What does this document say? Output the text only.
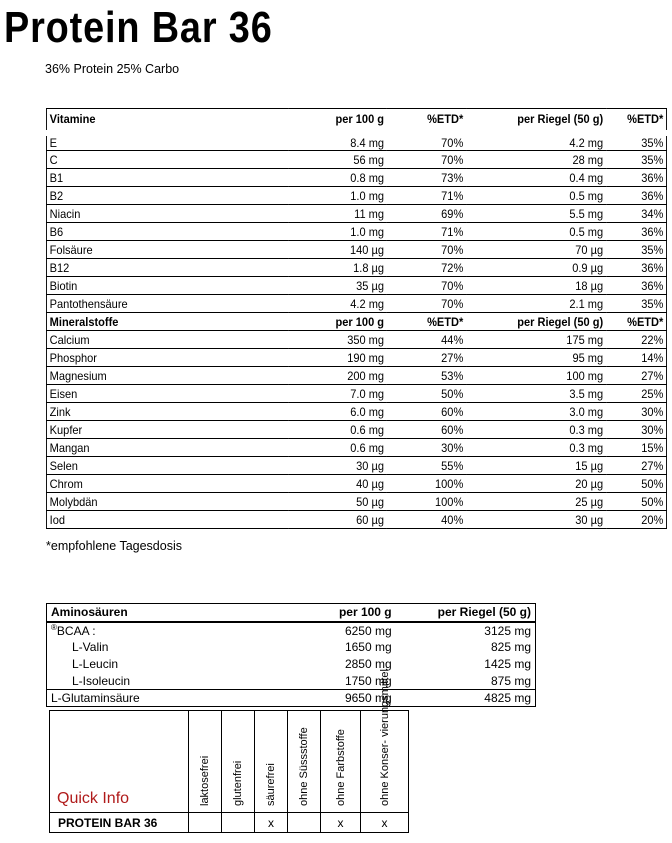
Protein Bar 36
36% Protein 25% Carbo
Vitamine	per 100 g	%ETD*	per Riegel (50 g)	%ETD*
E	8.4 mg	70%	4.2 mg	35%
C	56 mg	70%	28 mg	35%
B1	0.8 mg	73%	0.4 mg	36%
B2	1.0 mg	71%	0.5 mg	36%
Niacin	11 mg	69%	5.5 mg	34%
B6	1.0 mg	71%	0.5 mg	36%
Folsäure	140 µg	70%	70 µg	35%
B12	1.8 µg	72%	0.9 µg	36%
Biotin	35 µg	70%	18 µg	36%
Pantothensäure	4.2 mg	70%	2.1 mg	35%
Mineralstoffe	per 100 g	%ETD*	per Riegel (50 g)	%ETD*
Calcium	350 mg	44%	175 mg	22%
Phosphor	190 mg	27%	95 mg	14%
Magnesium	200 mg	53%	100 mg	27%
Eisen	7.0 mg	50%	3.5 mg	25%
Zink	6.0 mg	60%	3.0 mg	30%
Kupfer	0.6 mg	60%	0.3 mg	30%
Mangan	0.6 mg	30%	0.3 mg	15%
Selen	30 µg	55%	15 µg	27%
Chrom	40 µg	100%	20 µg	50%
Molybdän	50 µg	100%	25 µg	50%
Iod	60 µg	40%	30 µg	20%
*empfohlene Tagesdosis
Aminosäuren	per 100 g	per Riegel (50 g)
®BCAA :	6250 mg	3125 mg
L-Valin	1650 mg	825 mg
L-Leucin	2850 mg	1425 mg
L-Isoleucin	1750 mg	875 mg
L-Glutaminsäure	9650 mg	4825 mg
Quick Info	laktosefrei	glutenfrei	säurefrei	ohne Süssstoffe	ohne Farbstoffe	ohne Konser- vierungsmittel

PROTEIN BAR 36			x		x	x
